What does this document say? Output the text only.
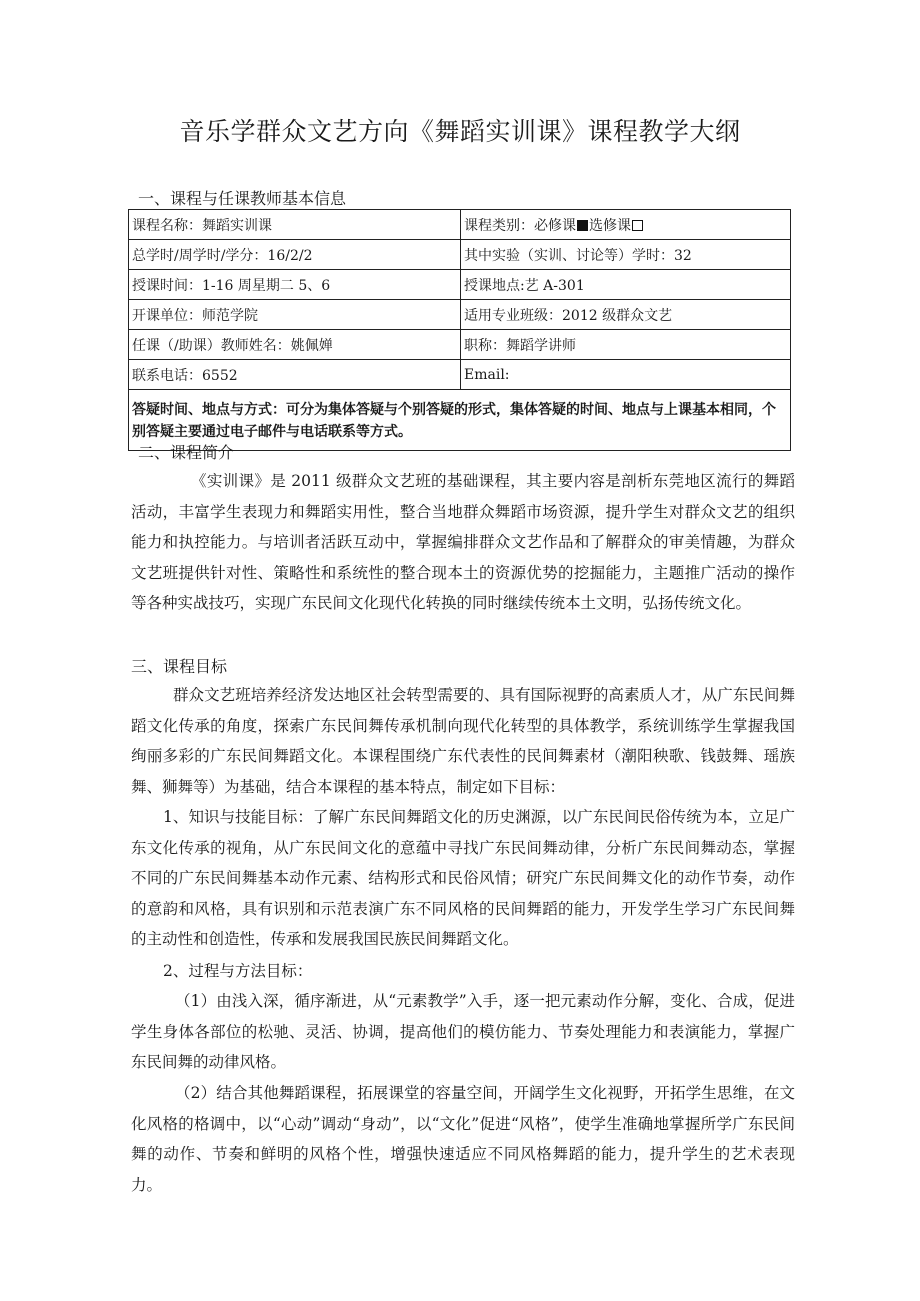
音乐学群众文艺方向《舞蹈实训课》课程教学大纲
一、课程与任课教师基本信息
课程名称：舞蹈实训课	课程类别：必修课 选修课
总学时/周学时/学分：16/2/2	其中实验（实训、讨论等）学时：32
授课时间：1-16 周星期二 5、6	授课地点:艺 A-301
开课单位：师范学院	适用专业班级：2012 级群众文艺
任课（/助课）教师姓名：姚佩婵	职称：舞蹈学讲师
联系电话：6552	Email:
答疑时间、地点与方式：可分为集体答疑与个别答疑的形式，集体答疑的时间、地点与上课基本相同，个别答疑主要通过电子邮件与电话联系等方式。	
二、课程简介
《实训课》是 2011 级群众文艺班的基础课程，其主要内容是剖析东莞地区流行的舞蹈活动，丰富学生表现力和舞蹈实用性，整合当地群众舞蹈市场资源，提升学生对群众文艺的组织能力和执控能力。与培训者活跃互动中，掌握编排群众文艺作品和了解群众的审美情趣，为群众文艺班提供针对性、策略性和系统性的整合现本土的资源优势的挖掘能力，主题推广活动的操作等各种实战技巧，实现广东民间文化现代化转换的同时继续传统本土文明，弘扬传统文化。
三、课程目标
群众文艺班培养经济发达地区社会转型需要的、具有国际视野的高素质人才，从广东民间舞蹈文化传承的角度，探索广东民间舞传承机制向现代化转型的具体教学，系统训练学生掌握我国绚丽多彩的广东民间舞蹈文化。本课程围绕广东代表性的民间舞素材（潮阳秧歌、钱鼓舞、瑶族舞、狮舞等）为基础，结合本课程的基本特点，制定如下目标：
1、知识与技能目标：了解广东民间舞蹈文化的历史渊源，以广东民间民俗传统为本，立足广东文化传承的视角，从广东民间文化的意蕴中寻找广东民间舞动律，分析广东民间舞动态，掌握不同的广东民间舞基本动作元素、结构形式和民俗风情；研究广东民间舞文化的动作节奏，动作的意韵和风格，具有识别和示范表演广东不同风格的民间舞蹈的能力，开发学生学习广东民间舞的主动性和创造性，传承和发展我国民族民间舞蹈文化。
2、过程与方法目标：
（1）由浅入深，循序渐进，从“元素教学”入手，逐一把元素动作分解，变化、合成，促进学生身体各部位的松驰、灵活、协调，提高他们的模仿能力、节奏处理能力和表演能力，掌握广东民间舞的动律风格。
（2）结合其他舞蹈课程，拓展课堂的容量空间，开阔学生文化视野，开拓学生思维，在文化风格的格调中，以“心动”调动“身动”，以“文化”促进“风格”，使学生准确地掌握所学广东民间舞的动作、节奏和鲜明的风格个性，增强快速适应不同风格舞蹈的能力，提升学生的艺术表现力。
